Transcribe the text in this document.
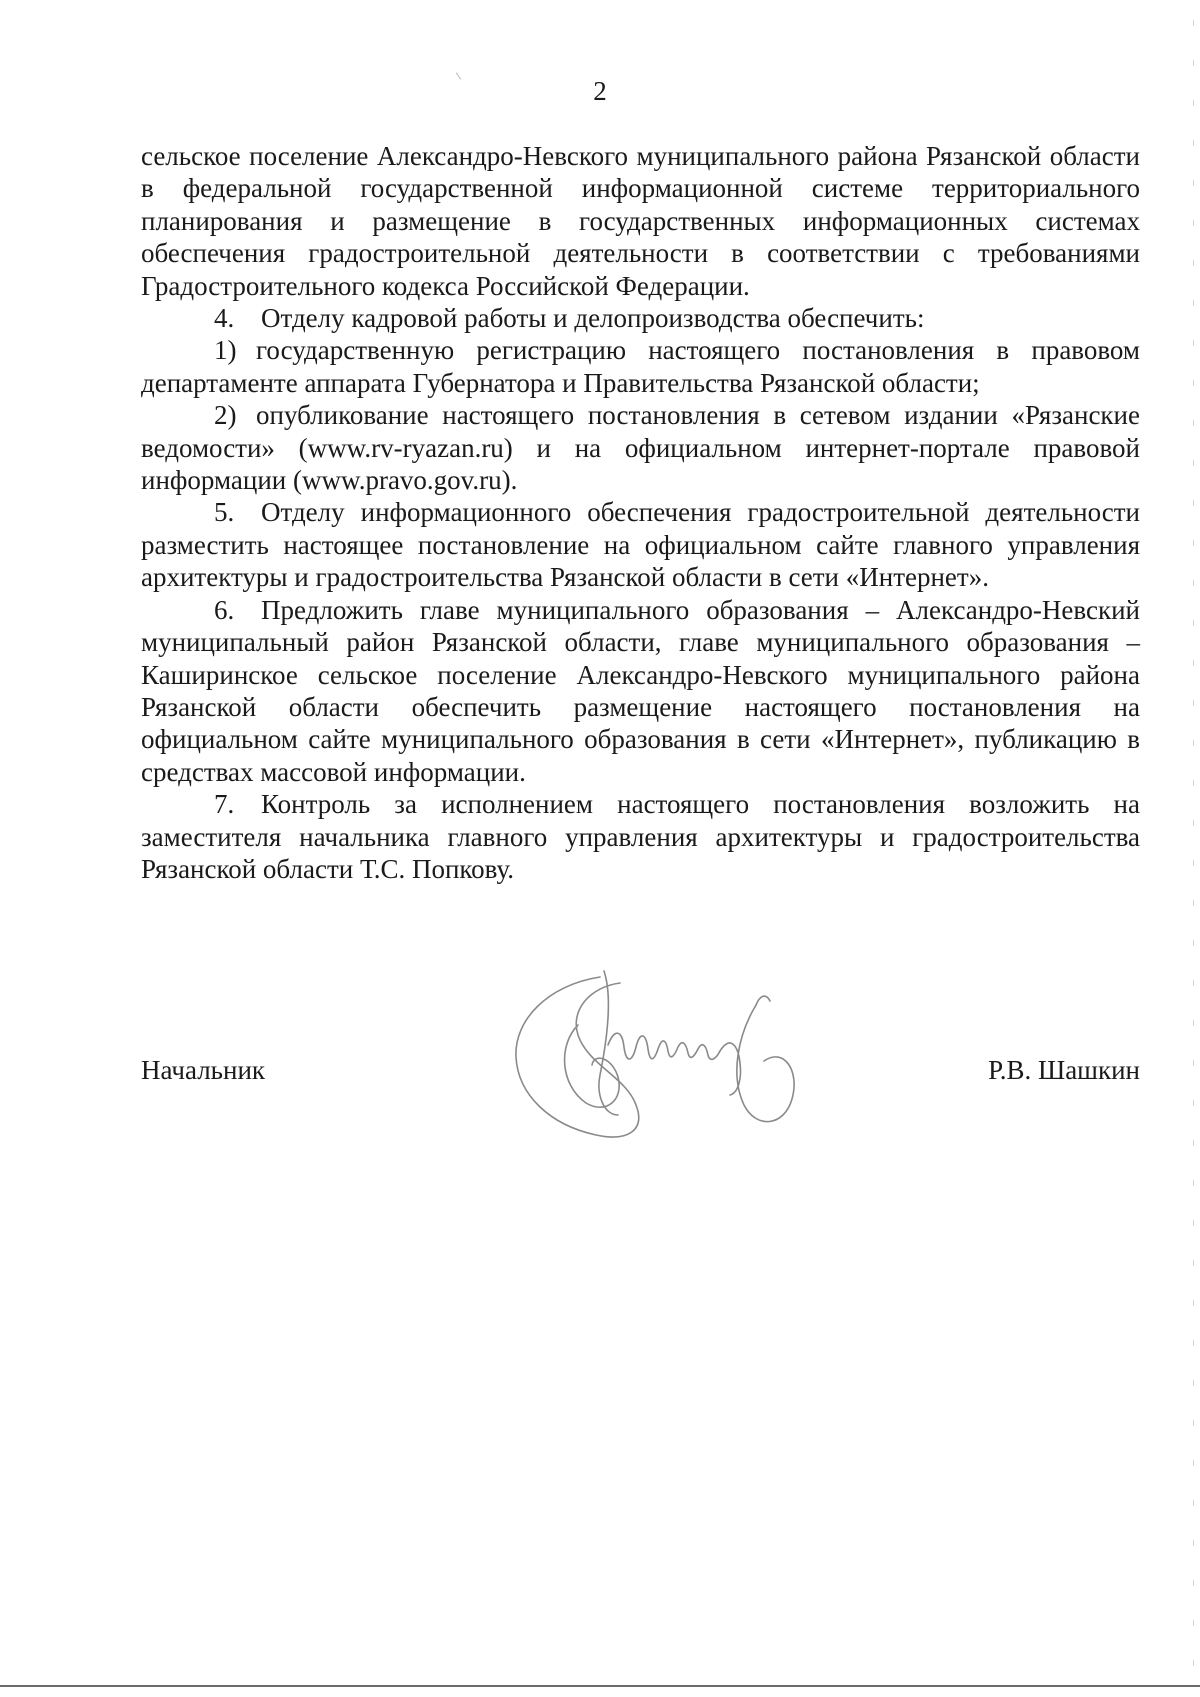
2

сельское поселение Александро-Невского муниципального района Рязанской области в федеральной государственной информационной системе территориального планирования и размещение в государственных информационных системах обеспечения градостроительной деятельности в соответствии с требованиями Градостроительного кодекса Российской Федерации.

4. Отделу кадровой работы и делопроизводства обеспечить:

1) государственную регистрацию настоящего постановления в правовом департаменте аппарата Губернатора и Правительства Рязанской области;

2) опубликование настоящего постановления в сетевом издании «Рязанские ведомости» (www.rv-ryazan.ru) и на официальном интернет-портале правовой информации (www.pravo.gov.ru).

5. Отделу информационного обеспечения градостроительной деятельности разместить настоящее постановление на официальном сайте главного управления архитектуры и градостроительства Рязанской области в сети «Интернет».

6. Предложить главе муниципального образования – Александро-Невский муниципальный район Рязанской области, главе муниципального образования – Каширинское сельское поселение Александро-Невского муниципального района Рязанской области обеспечить размещение настоящего постановления на официальном сайте муниципального образования в сети «Интернет», публикацию в средствах массовой информации.

7. Контроль за исполнением настоящего постановления возложить на заместителя начальника главного управления архитектуры и градостроительства Рязанской области Т.С. Попкову.

Начальник	Р.В. Шашкин
